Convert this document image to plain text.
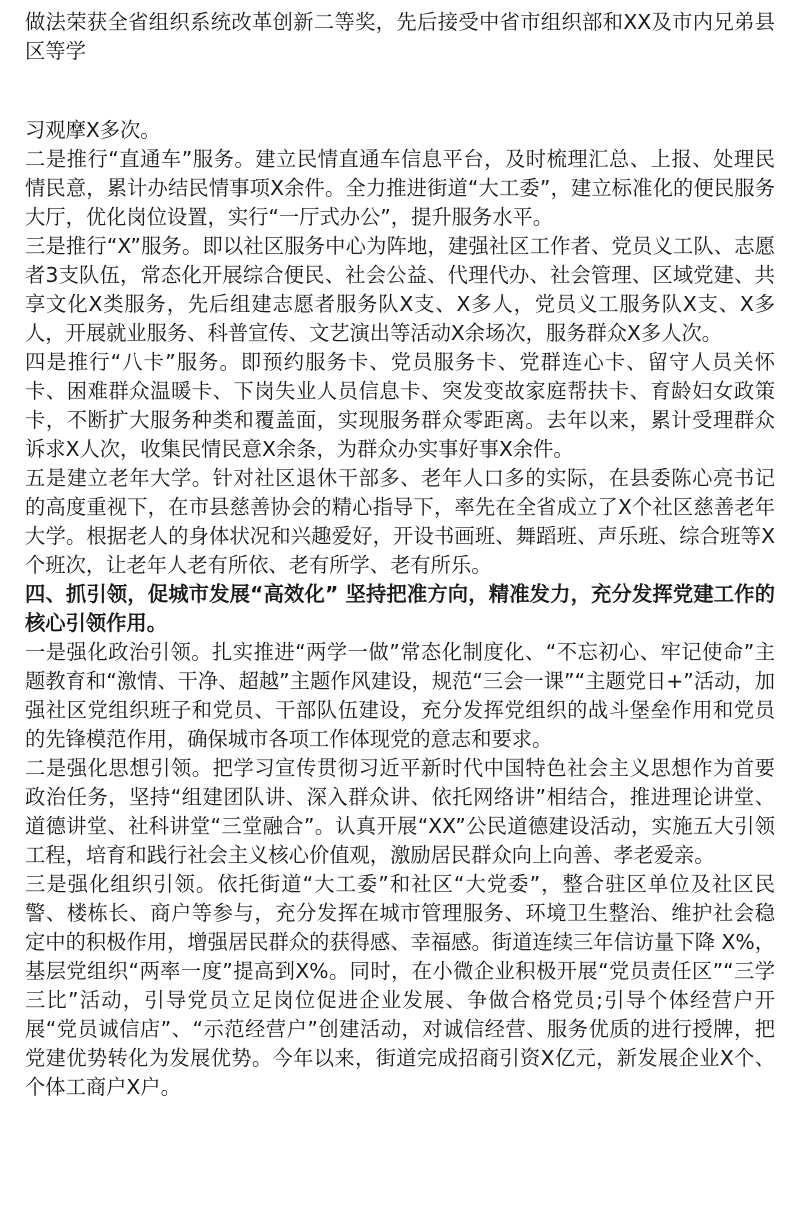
做法荣获全省组织系统改革创新二等奖，先后接受中省市组织部和XX及市内兄弟县区等学

习观摩X多次。

二是推行“直通车”服务。建立民情直通车信息平台，及时梳理汇总、上报、处理民情民意，累计办结民情事项X余件。全力推进街道“大工委”，建立标准化的便民服务大厅，优化岗位设置，实行“一厅式办公”，提升服务水平。

三是推行“X”服务。即以社区服务中心为阵地，建强社区工作者、党员义工队、志愿者3支队伍，常态化开展综合便民、社会公益、代理代办、社会管理、区域党建、共享文化X类服务，先后组建志愿者服务队X支、X多人，党员义工服务队X支、X多人，开展就业服务、科普宣传、文艺演出等活动X余场次，服务群众X多人次。

四是推行“八卡”服务。即预约服务卡、党员服务卡、党群连心卡、留守人员关怀卡、困难群众温暖卡、下岗失业人员信息卡、突发变故家庭帮扶卡、育龄妇女政策卡，不断扩大服务种类和覆盖面，实现服务群众零距离。去年以来，累计受理群众诉求X人次，收集民情民意X余条，为群众办实事好事X余件。

五是建立老年大学。针对社区退休干部多、老年人口多的实际，在县委陈心亮书记的高度重视下，在市县慈善协会的精心指导下，率先在全省成立了X个社区慈善老年大学。根据老人的身体状况和兴趣爱好，开设书画班、舞蹈班、声乐班、综合班等X个班次，让老年人老有所依、老有所学、老有所乐。

四、抓引领，促城市发展“高效化” 坚持把准方向，精准发力，充分发挥党建工作的核心引领作用。

一是强化政治引领。扎实推进“两学一做”常态化制度化、“不忘初心、牢记使命”主题教育和“激情、干净、超越”主题作风建设，规范“三会一课”“主题党日+”活动，加强社区党组织班子和党员、干部队伍建设，充分发挥党组织的战斗堡垒作用和党员的先锋模范作用，确保城市各项工作体现党的意志和要求。

二是强化思想引领。把学习宣传贯彻习近平新时代中国特色社会主义思想作为首要政治任务，坚持“组建团队讲、深入群众讲、依托网络讲”相结合，推进理论讲堂、道德讲堂、社科讲堂“三堂融合”。认真开展“XX”公民道德建设活动，实施五大引领工程，培育和践行社会主义核心价值观，激励居民群众向上向善、孝老爱亲。

三是强化组织引领。依托街道“大工委”和社区“大党委”，整合驻区单位及社区民警、楼栋长、商户等参与，充分发挥在城市管理服务、环境卫生整治、维护社会稳定中的积极作用，增强居民群众的获得感、幸福感。街道连续三年信访量下降 X%，基层党组织“两率一度”提高到X%。同时，在小微企业积极开展“党员责任区”“三学三比”活动，引导党员立足岗位促进企业发展、争做合格党员;引导个体经营户开展“党员诚信店”、“示范经营户”创建活动，对诚信经营、服务优质的进行授牌，把党建优势转化为发展优势。今年以来，街道完成招商引资X亿元，新发展企业X个、个体工商户X户。
